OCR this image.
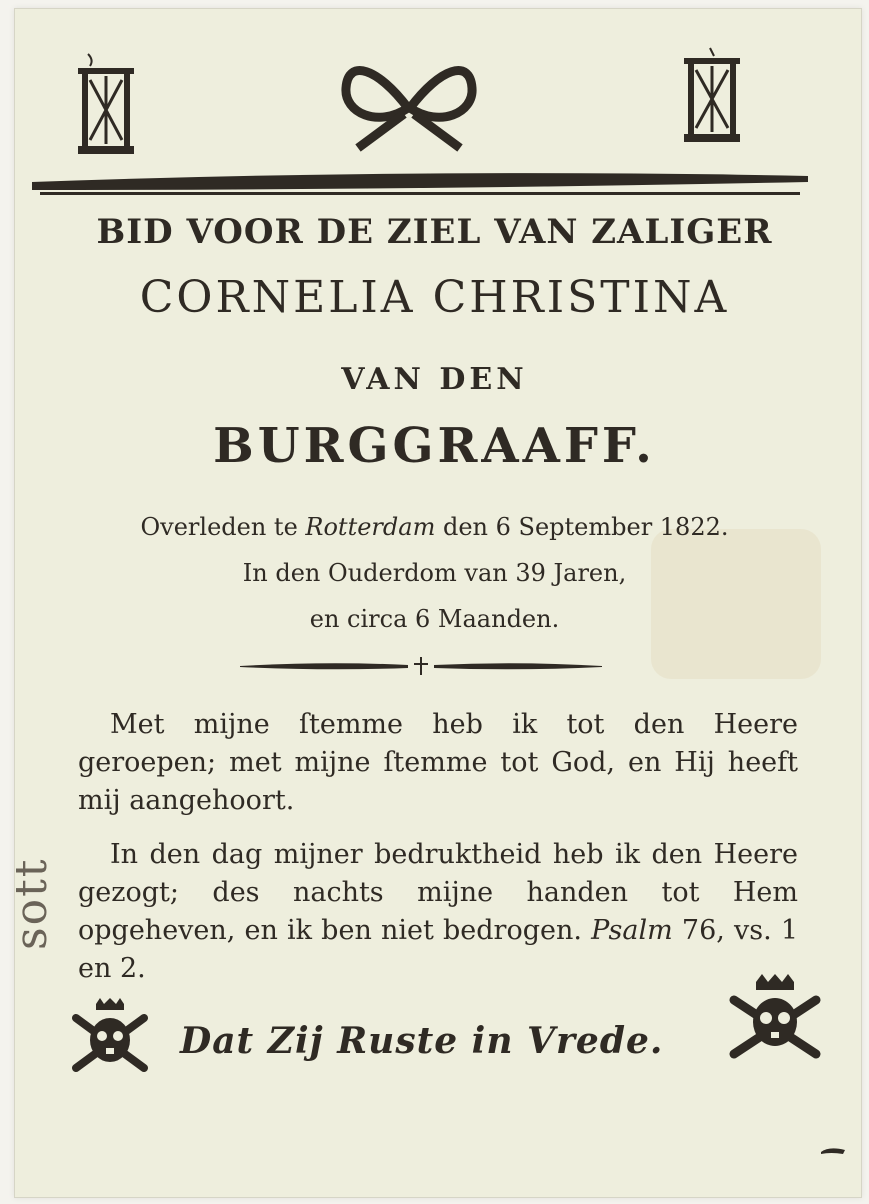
BID VOOR DE ZIEL VAN ZALIGER
CORNELIA CHRISTINA
VAN DEN
BURGGRAAFF.
Overleden te Rotterdam den 6 September 1822.
In den Ouderdom van 39 Jaren,
en circa 6 Maanden.
Met mijne ſtemme heb ik tot den Heere geroepen; met mijne ſtemme tot God, en Hij heeft mij aangehoort.
In den dag mijner bedruktheid heb ik den Heere gezogt; des nachts mijne handen tot Hem opgeheven, en ik ben niet bedrogen. Psalm 76, vs. 1 en 2.
Dat Zij Ruste in Vrede.
sott
